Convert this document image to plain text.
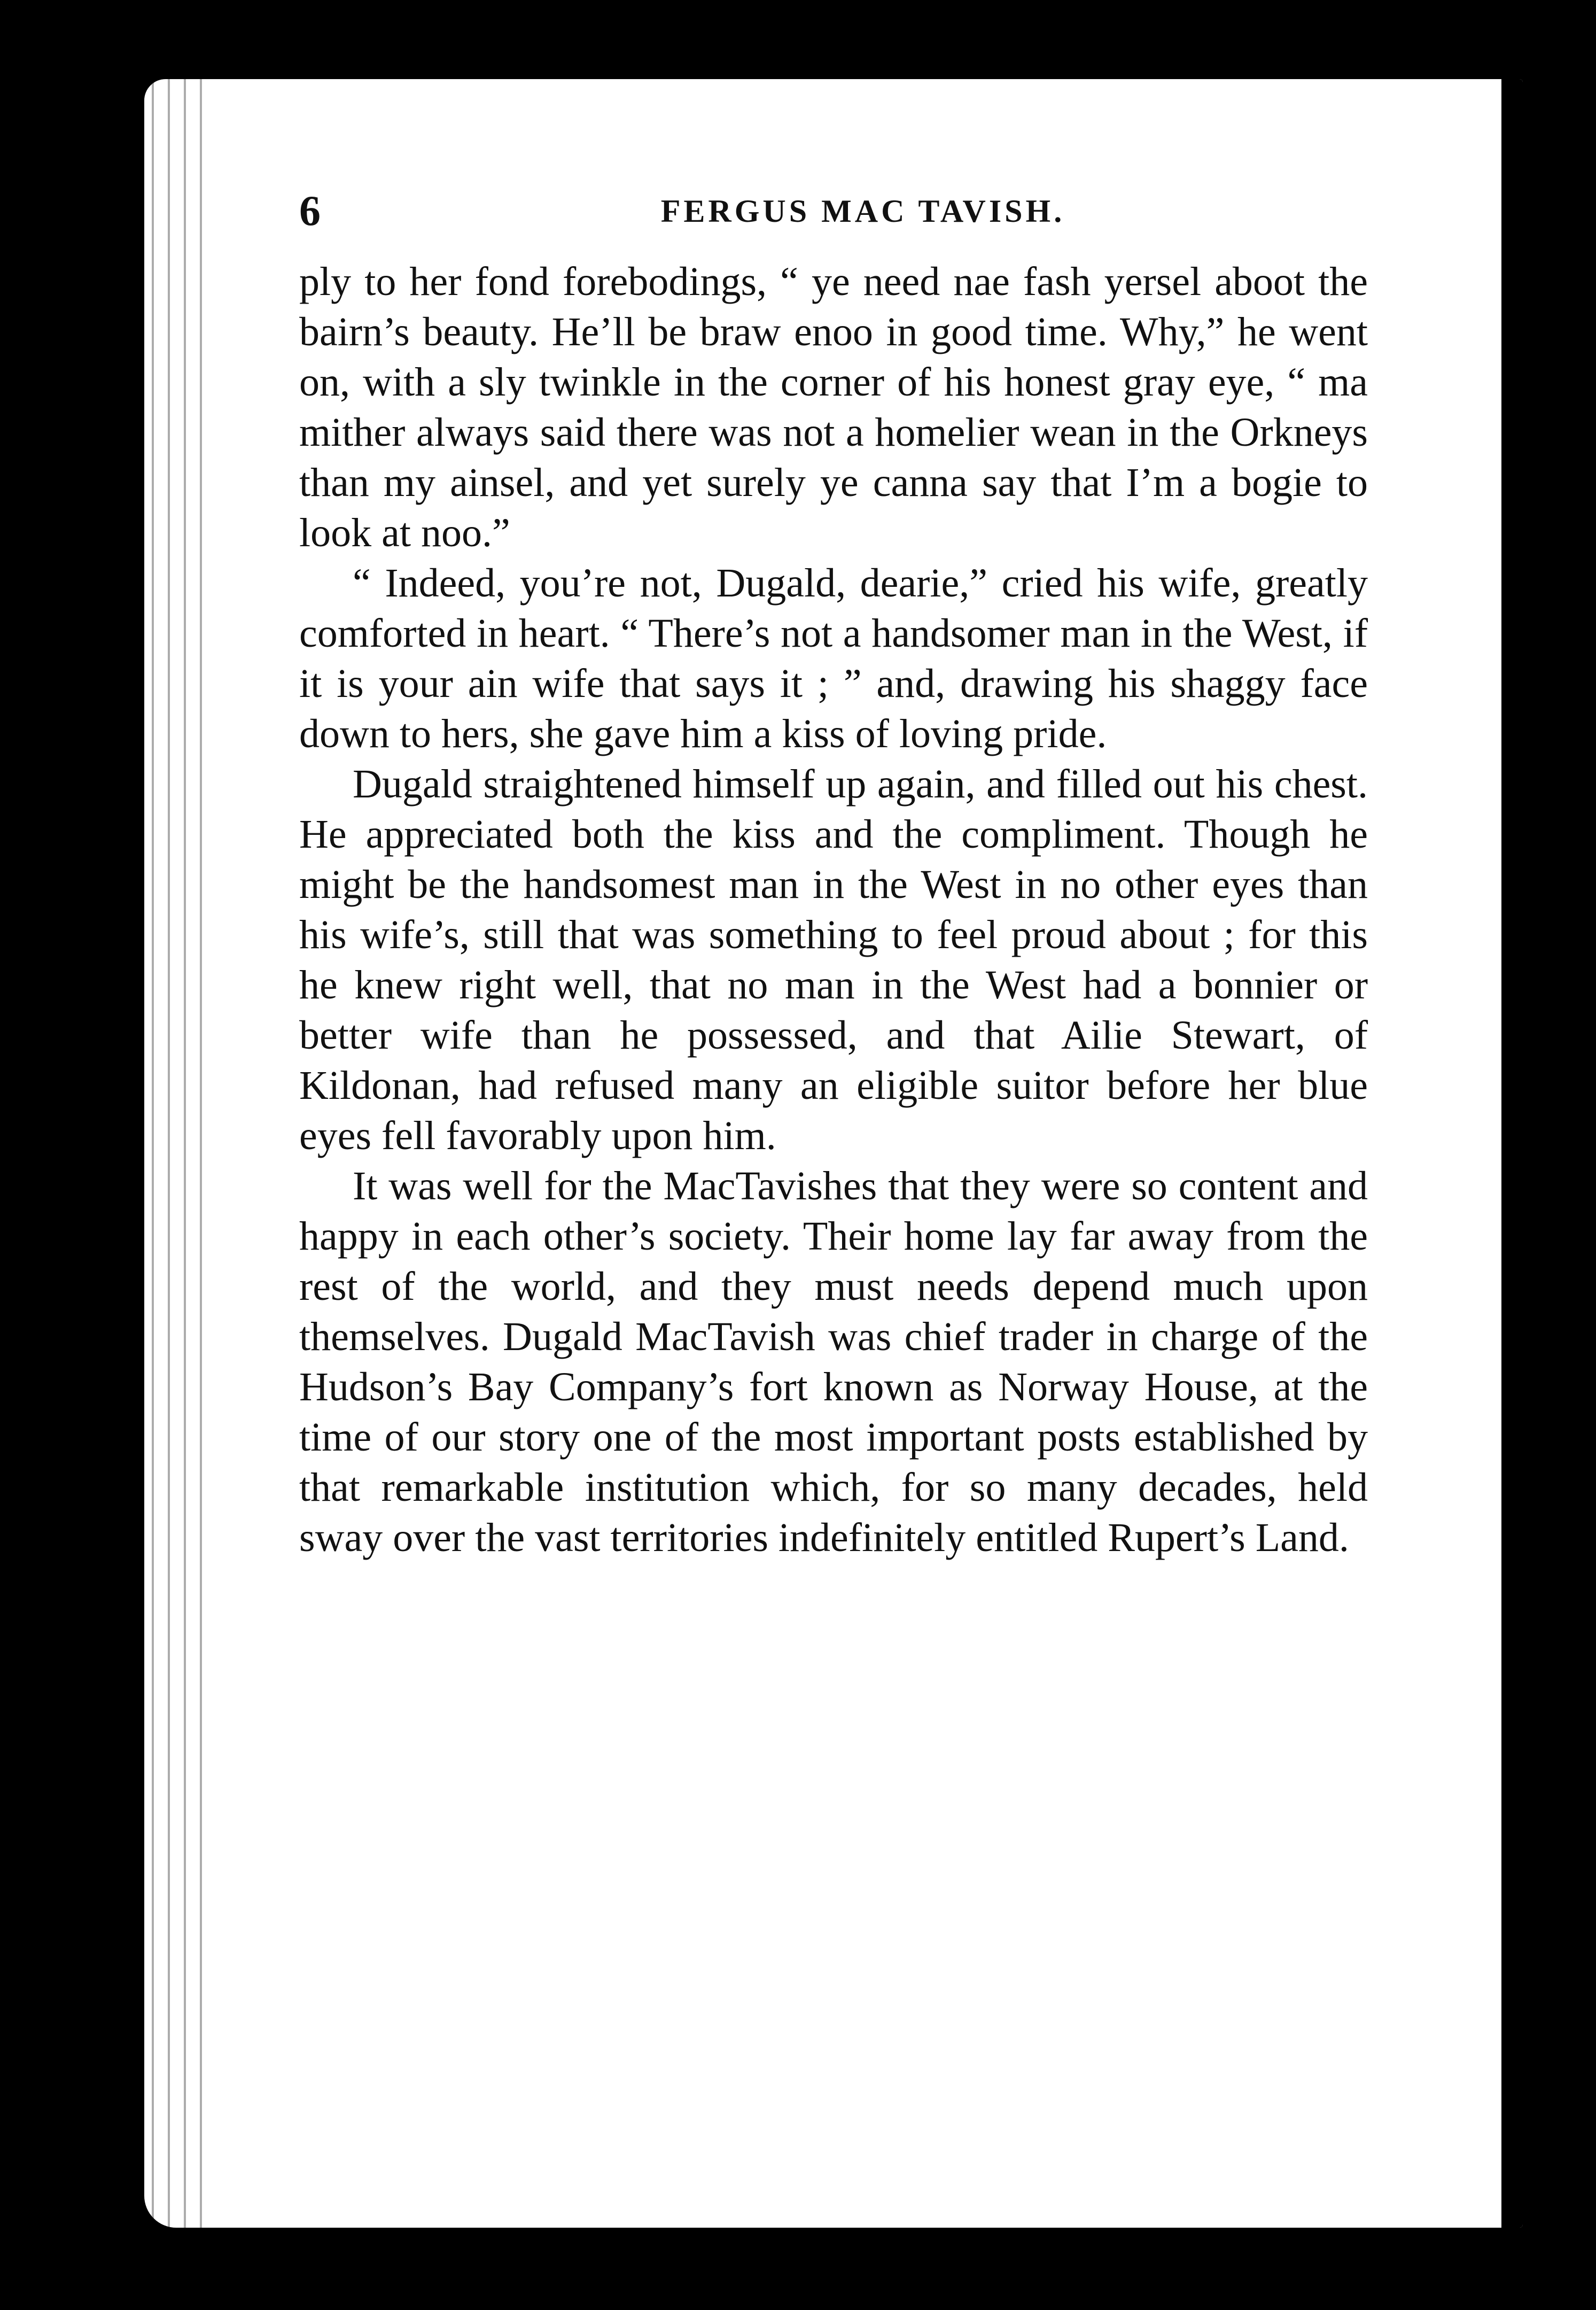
6	FERGUS MAC TAVISH.

ply to her fond forebodings, “ ye need nae fash yersel aboot the bairn’s beauty. He’ll be braw enoo in good time. Why,” he went on, with a sly twinkle in the corner of his honest gray eye, “ ma mither always said there was not a homelier wean in the Orkneys than my ainsel, and yet surely ye canna say that I’m a bogie to look at noo.”

“ Indeed, you’re not, Dugald, dearie,” cried his wife, greatly comforted in heart. “ There’s not a handsomer man in the West, if it is your ain wife that says it ; ” and, drawing his shaggy face down to hers, she gave him a kiss of loving pride.

Dugald straightened himself up again, and filled out his chest. He appreciated both the kiss and the compliment. Though he might be the handsomest man in the West in no other eyes than his wife’s, still that was something to feel proud about ; for this he knew right well, that no man in the West had a bonnier or better wife than he possessed, and that Ailie Stewart, of Kildonan, had refused many an eligible suitor before her blue eyes fell favorably upon him.

It was well for the MacTavishes that they were so content and happy in each other’s society. Their home lay far away from the rest of the world, and they must needs depend much upon themselves. Dugald MacTavish was chief trader in charge of the Hudson’s Bay Company’s fort known as Norway House, at the time of our story one of the most important posts established by that remarkable institution which, for so many decades, held sway over the vast territories indefinitely entitled Rupert’s Land.
